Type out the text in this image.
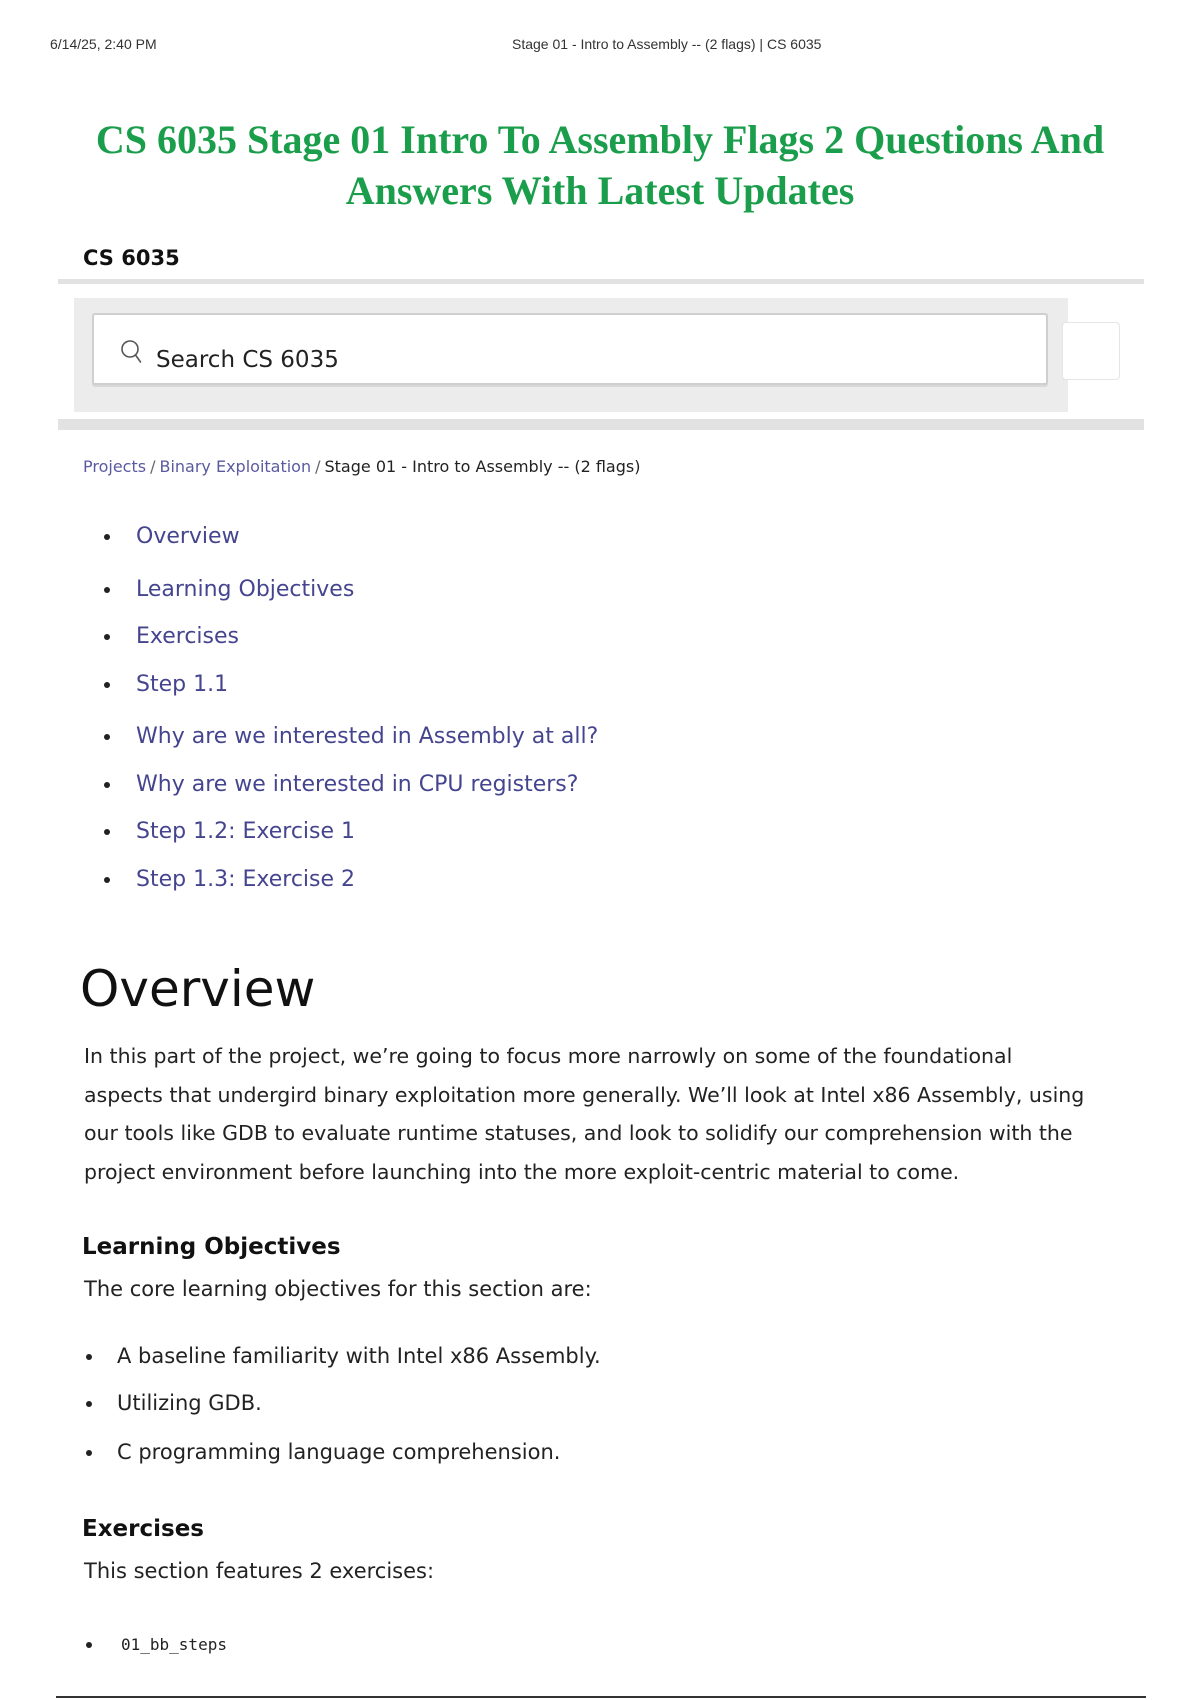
6/14/25, 2:40 PM	Stage 01 - Intro to Assembly -- (2 flags) | CS 6035
CS 6035 Stage 01 Intro To Assembly Flags 2 Questions And
Answers With Latest Updates
CS 6035
Search CS 6035
Projects / Binary Exploitation / Stage 01 - Intro to Assembly -- (2 flags)
Overview
Learning Objectives
Exercises
Step 1.1
Why are we interested in Assembly at all?
Why are we interested in CPU registers?
Step 1.2: Exercise 1
Step 1.3: Exercise 2
Overview

In this part of the project, we’re going to focus more narrowly on some of the foundational
aspects that undergird binary exploitation more generally. We’ll look at Intel x86 Assembly, using
our tools like GDB to evaluate runtime statuses, and look to solidify our comprehension with the
project environment before launching into the more exploit-centric material to come.

Learning Objectives

The core learning objectives for this section are:

A baseline familiarity with Intel x86 Assembly.
Utilizing GDB.
C programming language comprehension.
Exercises

This section features 2 exercises:

01_bb_steps
